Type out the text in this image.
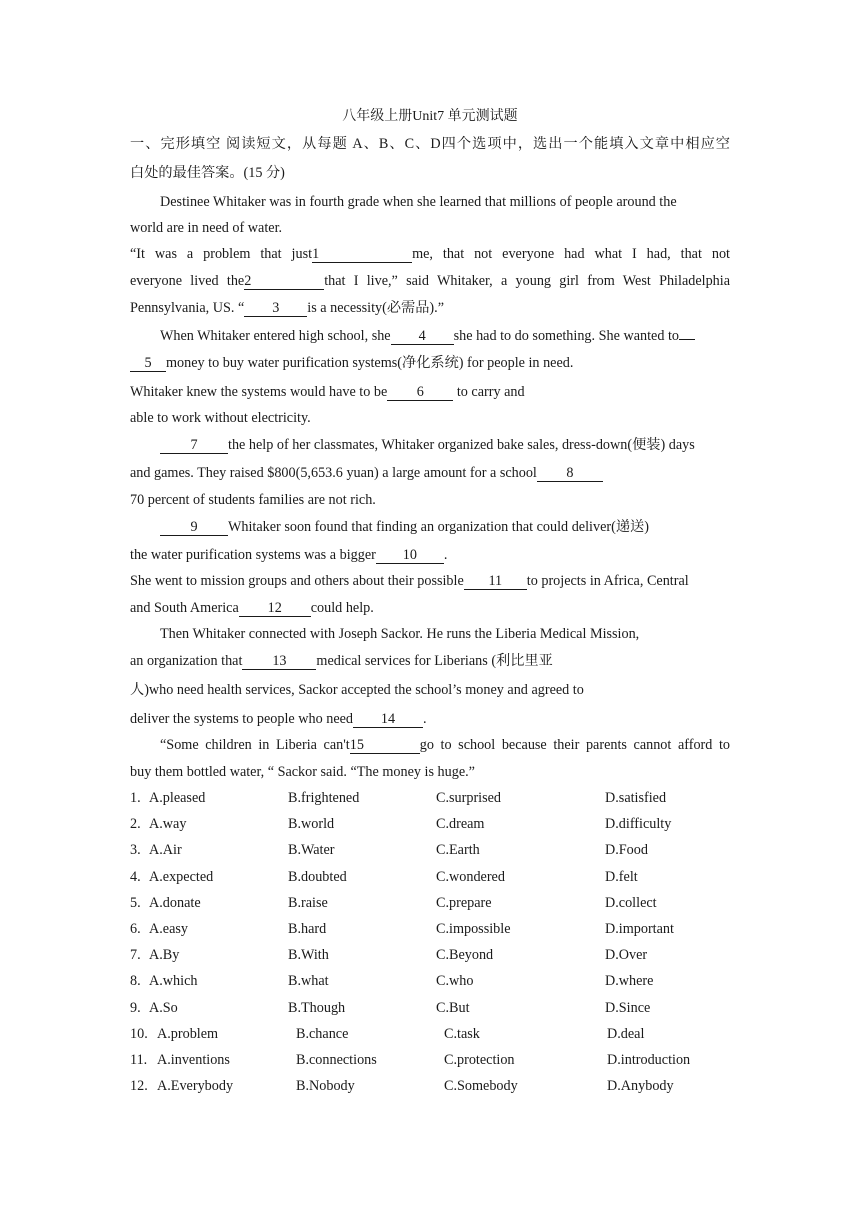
八年级上册Unit7 单元测试题
一、完形填空 阅读短文，从每题 A、B、C、D四个选项中，选出一个能填入文章中相应空
白处的最佳答案。(15 分)
Destinee Whitaker was in fourth grade when she learned that millions of people around the
world are in need of water.
“It was a problem that just1	me, that not everyone had what I had, that not
everyone lived the2	that I live,” said Whitaker, a young girl from West Philadelphia
Pennsylvania, US. “ 3 is a necessity(必需品).”
When Whitaker entered high school, she 4 she had to do something. She wanted to
5 money to buy water purification systems(净化系统) for people in need.
Whitaker knew the systems would have to be 6 to carry and
able to work without electricity.
7 the help of her classmates, Whitaker organized bake sales, dress-down(便装) days
and games. They raised $800(5,653.6 yuan) a large amount for a school 8
70 percent of students families are not rich.
9 Whitaker soon found that finding an organization that could deliver(递送)
the water purification systems was a bigger 10 .
She went to mission groups and others about their possible 11 to projects in Africa, Central
and South America 12 could help.
Then Whitaker connected with Joseph Sackor. He runs the Liberia Medical Mission,
an organization that 13 medical services for Liberians (利比里亚
人)who need health services, Sackor accepted the school’s money and agreed to
deliver the systems to people who need 14 .
“Some children in Liberia can't15	go to school because their parents cannot afford to
buy them bottled water, “ Sackor said. “The money is huge.”
1. A.pleased	B.frightened	C.surprised	D.satisfied
2. A.way	B.world	C.dream	D.difficulty
3. A.Air	B.Water	C.Earth	D.Food
4. A.expected	B.doubted	C.wondered	D.felt
5. A.donate	B.raise	C.prepare	D.collect
6. A.easy	B.hard	C.impossible	D.important
7. A.By	B.With	C.Beyond	D.Over
8. A.which	B.what	C.who	D.where
9. A.So	B.Though	C.But	D.Since
10. A.problem	B.chance	C.task	D.deal
11. A.inventions	B.connections	C.protection	D.introduction
12. A.Everybody	B.Nobody	C.Somebody	D.Anybody
